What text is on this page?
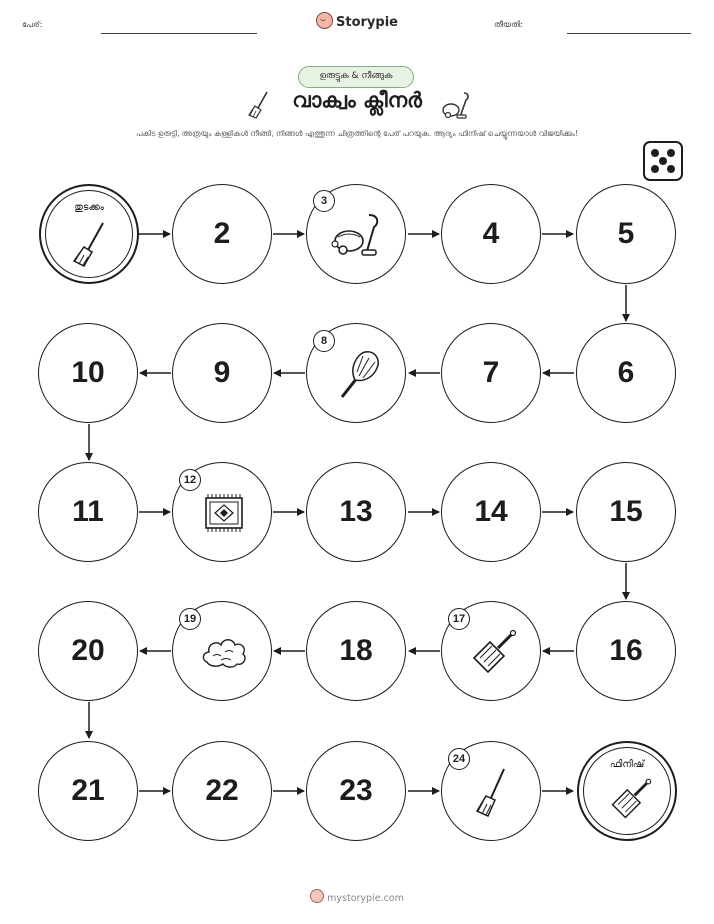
പേര്:	Storypie	തീയതി:
ഉരുട്ടുക & നീങ്ങുക
വാക്വം ക്ലീനർ
പകിട ഉരുട്ടി, അത്രയും കള്ളികൾ നീങ്ങി, നിങ്ങൾ എത്തുന്ന ചിത്രത്തിന്റെ പേര് പറയുക. ആദ്യം ഫിനിഷ് ചെയ്യുന്നയാൾ വിജയിക്കും!
തുടക്കം
2
3
4	5
6
7
8
9
10
11
12
13	14	15
16
17
18
19
20
21	22	23
24	ഫിനിഷ്
mystorypie.com
